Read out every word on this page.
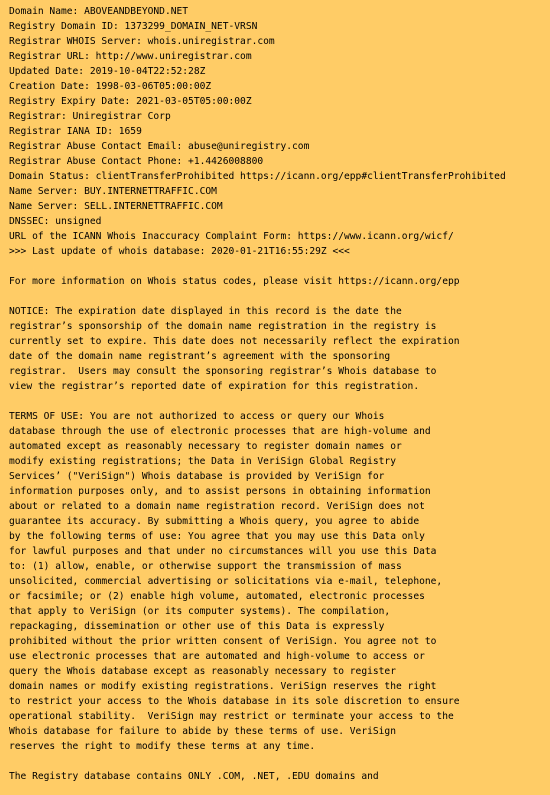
Domain Name: ABOVEANDBEYOND.NET
Registry Domain ID: 1373299_DOMAIN_NET-VRSN
Registrar WHOIS Server: whois.uniregistrar.com
Registrar URL: http://www.uniregistrar.com
Updated Date: 2019-10-04T22:52:28Z
Creation Date: 1998-03-06T05:00:00Z
Registry Expiry Date: 2021-03-05T05:00:00Z
Registrar: Uniregistrar Corp
Registrar IANA ID: 1659
Registrar Abuse Contact Email: abuse@uniregistry.com
Registrar Abuse Contact Phone: +1.4426008800
Domain Status: clientTransferProhibited https://icann.org/epp#clientTransferProhibited
Name Server: BUY.INTERNETTRAFFIC.COM
Name Server: SELL.INTERNETTRAFFIC.COM
DNSSEC: unsigned
URL of the ICANN Whois Inaccuracy Complaint Form: https://www.icann.org/wicf/
>>> Last update of whois database: 2020-01-21T16:55:29Z <<<
For more information on Whois status codes, please visit https://icann.org/epp
NOTICE: The expiration date displayed in this record is the date the
registrar’s sponsorship of the domain name registration in the registry is
currently set to expire. This date does not necessarily reflect the expiration
date of the domain name registrant’s agreement with the sponsoring
registrar.  Users may consult the sponsoring registrar’s Whois database to
view the registrar’s reported date of expiration for this registration.
TERMS OF USE: You are not authorized to access or query our Whois
database through the use of electronic processes that are high-volume and
automated except as reasonably necessary to register domain names or
modify existing registrations; the Data in VeriSign Global Registry
Services’ ("VeriSign") Whois database is provided by VeriSign for
information purposes only, and to assist persons in obtaining information
about or related to a domain name registration record. VeriSign does not
guarantee its accuracy. By submitting a Whois query, you agree to abide
by the following terms of use: You agree that you may use this Data only
for lawful purposes and that under no circumstances will you use this Data
to: (1) allow, enable, or otherwise support the transmission of mass
unsolicited, commercial advertising or solicitations via e-mail, telephone,
or facsimile; or (2) enable high volume, automated, electronic processes
that apply to VeriSign (or its computer systems). The compilation,
repackaging, dissemination or other use of this Data is expressly
prohibited without the prior written consent of VeriSign. You agree not to
use electronic processes that are automated and high-volume to access or
query the Whois database except as reasonably necessary to register
domain names or modify existing registrations. VeriSign reserves the right
to restrict your access to the Whois database in its sole discretion to ensure
operational stability.  VeriSign may restrict or terminate your access to the
Whois database for failure to abide by these terms of use. VeriSign
reserves the right to modify these terms at any time.
The Registry database contains ONLY .COM, .NET, .EDU domains and
